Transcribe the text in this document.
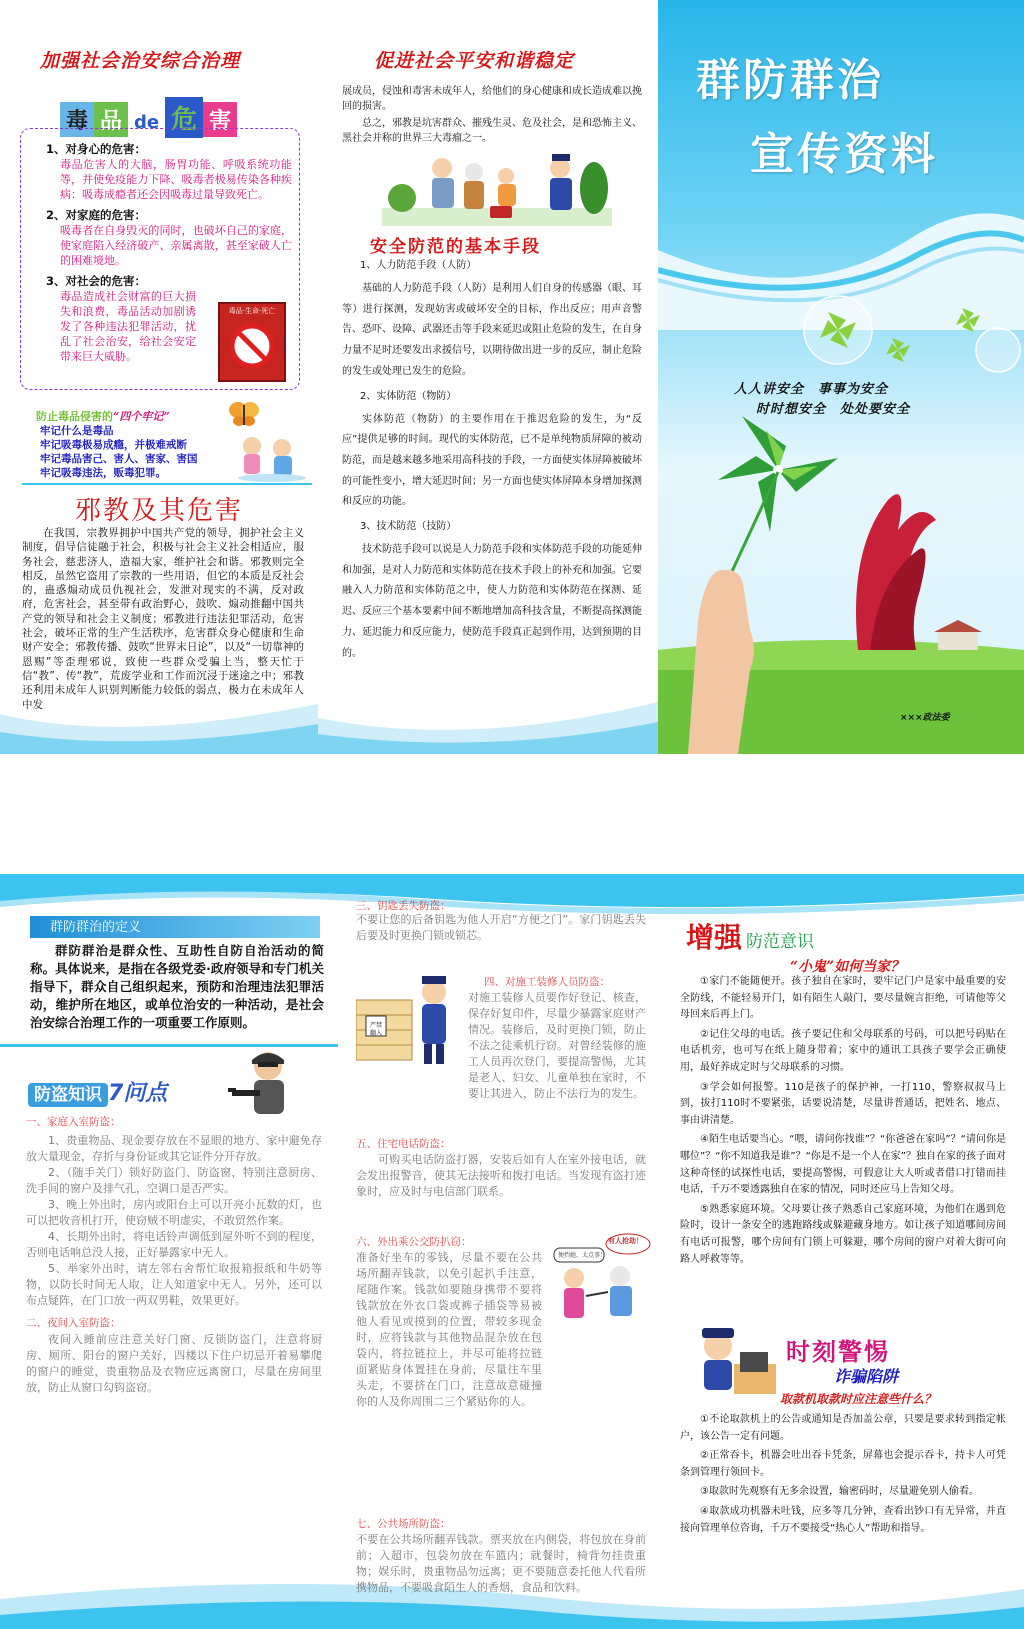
加强社会治安综合治理
毒 品 de 危 害
1、对身心的危害：

毒品危害人的大脑，肠胃功能、呼吸系统功能等，并使免疫能力下降、吸毒者极易传染各种疾病：吸毒成瘾者还会因吸毒过量导致死亡。

2、对家庭的危害：

吸毒者在自身毁灭的同时，也破坏自己的家庭，使家庭陷入经济破产、亲属离散，甚至家破人亡的困难境地。

3、对社会的危害：

毒品造成社会财富的巨大损失和浪费，毒品活动加剧诱发了各种违法犯罪活动，扰乱了社会治安，给社会安定带来巨大威胁。

毒品·生命·死亡
防止毒品侵害的“四个牢记”
牢记什么是毒品
牢记吸毒极易成瘾，并极难戒断
牢记毒品害己、害人、害家、害国
牢记吸毒违法，贩毒犯罪。
邪教及其危害

在我国，宗教界拥护中国共产党的领导，拥护社会主义制度，倡导信徒融于社会，积极与社会主义社会相适应，服务社会，慈悲济人，造福大家，维护社会和谐。邪教则完全相反，虽然它盗用了宗教的一些用语，但它的本质是反社会的，蛊惑煽动成员仇视社会，发泄对现实的不满，反对政府，危害社会，甚至带有政治野心，鼓吹、煽动推翻中国共产党的领导和社会主义制度；邪教进行违法犯罪活动，危害社会，破坏正常的生产生活秩序，危害群众身心健康和生命财产安全；邪教传播、鼓吹“世界末日论”，以及“一切靠神的恩赐”等歪理邪说，致使一些群众受骗上当，整天忙于信“教”、传“教”，荒废学业和工作而沉浸于迷途之中；邪教还利用未成年人识别判断能力较低的弱点，极力在未成年人中发

促进社会平安和谐稳定

展成员，侵蚀和毒害未成年人，给他们的身心健康和成长造成难以挽回的损害。

总之，邪教是坑害群众、摧残生灵、危及社会，是和恐怖主义、黑社会并称的世界三大毒瘤之一。

安全防范的基本手段
1、人力防范手段（人防）

基础的人力防范手段（人防）是利用人们自身的传感器（眼、耳等）进行探测，发现妨害或破坏安全的目标，作出反应；用声音警告、恐吓、设障、武器还击等手段来延迟或阻止危险的发生，在自身力量不足时还要发出求援信号，以期待做出进一步的反应，制止危险的发生或处理已发生的危险。

2、实体防范（物防）

实体防范（物防）的主要作用在于推迟危险的发生，为“反应”提供足够的时间。现代的实体防范，已不是单纯物质屏障的被动防范，而是越来越多地采用高科技的手段，一方面使实体屏障被破坏的可能性变小，增大延迟时间；另一方面也使实体屏障本身增加探测和反应的功能。

3、技术防范（技防）

技术防范手段可以说是人力防范手段和实体防范手段的功能延伸和加强，是对人力防范和实体防范在技术手段上的补充和加强。它要融入人力防范和实体防范之中，使人力防范和实体防范在探测、延迟、反应三个基本要素中间不断地增加高科技含量，不断提高探测能力、延迟能力和反应能力，使防范手段真正起到作用，达到预期的目的。

群防群治
宣传资料
人人讲安全　事事为安全
时时想安全　处处要安全
×××政法委
群防群治的定义

群防群治是群众性、互助性自防自治活动的简称。具体说来，是指在各级党委·政府领导和专门机关指导下，群众自己组织起来，预防和治理违法犯罪活动，维护所在地区，或单位治安的一种活动，是社会治安综合治理工作的一项重要工作原则。

防盗知识 7问点
一、家庭入室防盗：

1、贵重物品、现金要存放在不显眼的地方、家中避免存放大量现金，存折与身份证或其它证件分开存放。

2、（随手关门）锁好防盗门、防盗窗，特别注意厨房、洗手间的窗户及排气孔，空调口是否严实。

3、晚上外出时，房内或阳台上可以开亮小瓦数的灯，也可以把收音机打开，使窃贼不明虚实，不敢贸然作案。

4、长期外出时，将电话铃声调低到屋外听不到的程度，否则电话响总没人接，正好暴露家中无人。

5、举家外出时，请左邻右舍帮忙取报箱报纸和牛奶等物，以防长时间无人取，让人知道家中无人。另外，还可以布点疑阵，在门口放一两双男鞋，效果更好。

二、夜间入室防盗：

夜间入睡前应注意关好门窗、反锁防盗门，注意将厨房、厕所、阳台的窗户关好，四楼以下住户切忌开着易攀爬的窗户的睡觉，贵重物品及衣物应远离窗口，尽量在房间里放，防止从窗口勾钩盗窃。

三、钥匙丢失防盗：

不要让您的后备钥匙为他人开启“方便之门”。家门钥匙丢失后要及时更换门锁或锁芯。

严禁翻入
四、对施工装修人员防盗：

对施工装修人员要作好登记、核查，保存好复印件，尽量少暴露家庭财产情况。装修后，及时更换门锁，防止不法之徒乘机行窃。对曾经装修的施工人员再次登门，要提高警惕，尤其是老人、妇女、儿童单独在家时，不要让其进入，防止不法行为的发生。

五、住宅电话防盗：

可购买电话防盗打器，安装后如有人在室外接电话，就会发出报警音，使其无法接听和拨打电话。当发现有盗打迹象时，应及时与电信部门联系。

六、外出乘公交防扒窃：

准备好坐车的零钱，尽量不要在公共场所翻弄钱款，以免引起扒手注意，尾随作案。钱款如要随身携带不要将钱款放在外衣口袋或裤子插袋等易被他人看见或摸到的位置，带较多现金时，应将钱款与其他物品混杂放在包袋内，将拉链拉上，并尽可能将拉链面紧贴身体置挂在身前，尽量往车里头走，不要挤在门口，注意故意碰撞你的人及你周围二三个紧贴你的人。

有人抢劫！
便挡她、太点事！
七、公共场所防盗：

不要在公共场所翻弄钱款。票夹放在内侧袋，将包放在身前前；入超市，包袋勿放在车篮内；就餐时，椅背勿挂贵重物；娱乐时，贵重物品勿远离；更不要随意委托他人代看所携物品，不要吸食陌生人的香烟，食品和饮料。

增强 防范意识
“小鬼”如何当家？

①家门不能随便开。孩子独自在家时，要牢记门户是家中最重要的安全防线，不能轻易开门，如有陌生人敲门，要尽量婉言拒绝，可请他等父母回来后再上门。

②记住父母的电话。孩子要记住和父母联系的号码，可以把号码贴在电话机旁，也可写在纸上随身带着；家中的通讯工具孩子要学会正确使用，最好养成定时与父母联系的习惯。

③学会如何报警。110是孩子的保护神，一打110，警察叔叔马上到，拔打110时不要紧张，话要说清楚，尽量讲普通话，把姓名、地点、事由讲清楚。

④陌生电话要当心。“喂，请问你找谁”？“你爸爸在家吗”？“请问你是哪位”？“你不知道我是谁”？“你是不是一个人在家”？独自在家的孩子面对这种奇怪的试探性电话，要提高警惕，可假意让大人听或者借口打错而挂电话，千万不要透露独自在家的情况，同时还应马上告知父母。

⑤熟悉家庭环境。父母要让孩子熟悉自己家庭环境，为他们在遇到危险时，设计一条安全的逃跑路线或躲避藏身地方。如让孩子知道哪间房间有电话可报警，哪个房间有门锁上可躲避，哪个房间的窗户对着大街可向路人呼救等等。

时刻警惕
诈骗陷阱
取款机取款时应注意些什么？

①不论取款机上的公告或通知是否加盖公章，只要是要求转到指定帐户，该公告一定有问题。

②正常吞卡，机器会吐出吞卡凭条，屏幕也会提示吞卡，持卡人可凭条到管理行领回卡。

③取款时先观察有无多余设置，输密码时，尽量避免别人偷看。

④取款成功机器未吐钱，应多等几分钟，查看出钞口有无异常，并直接向管理单位咨询，千万不要接受“热心人”帮助和指导。
